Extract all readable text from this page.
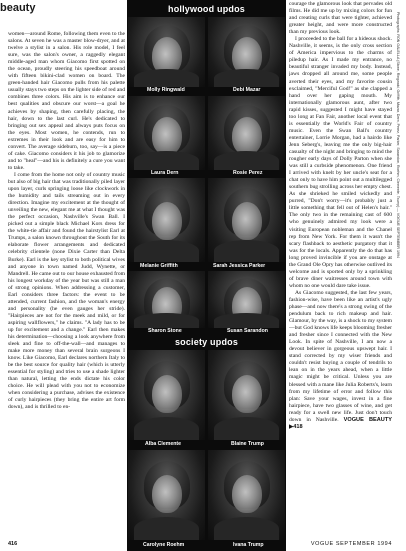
beauty

women—around Rome, following them even to the salons. At seven he was a master blow-dryer, and at twelve a stylist in a salon. His role model, I feel sure, was the salon's owner, a raggedly elegant middle-aged man whom Giacomo first spotted on the ocean, proudly steering his speedboat around with fifteen bikini-clad women on board. The green-handed hair Giacomo pulls from his palette usually stays two steps on the lighter side of red and combines three colors. His aim is to enhance our best qualities and obscure our worst—a goal he achieves by shaping, then carefully placing, the hair, down to the last curl. He's dedicated to bringing out sex appeal and always puts focus on the eyes. Most women, he contends, run to extremes in their look and are easy for him to convert. The average sideburn, too, say—is a piece of cake. Giacomo considers it his job to glamorize and to "heal"—and his is definitely a cure you want to take.

I come from the home not only of country music but also of big hair that was traditionally piled layer upon layer, curls springing loose like clockwork in the humidity and tails streaming out in every direction. Imagine my excitement at the thought of unveiling the new, elegant me at what I thought was the perfect occasion, Nashville's Swan Ball. I picked out a simple black Michael Kors dress for the white-tie affair and found the hairstylist Earl at Trumps, a salon known throughout the South for its elaborate flower arrangements and dedicated celebrity clientele (none Dixie Carter than Delta Burke). Earl is the key stylist to both political wives and anyone in town named Judd, Wynette, or Mandrell. He came out to our house exhausted from his longest workday of the year but was still a man of strong opinions. When addressing a customer, Earl considers three factors: the event to be attended, current fashion, and the woman's energy and personality (he even gauges her stride). "Hairpieces are not for the meek and mild, or for aspiring wallflowers," he claims. "A lady has to be up for excitement and a change." Earl then makes his determination—choosing a look anywhere from sleek and fine to off-the-wall—and manages to make more money than several brain surgeons I know. Like Giacomo, Earl declares northern Italy to be the best source for quality hair (which is utterly essential for styling) and tries to use a shade lighter than natural, letting the ends dictate his color choice. He will plead with you not to economize when considering a purchase, advises the existence of curly hairpieces (they bring the entire art form down), and is thrilled to en-

hollywood updos
Molly Ringwald	Debi Mazar
Laura Dern	Rosie Perez
Melanie Griffith	Sarah Jessica Parker
Sharon Stone	Susan Sarandon
society updos
Alba Clemente	Blaine Trump
Carolyne Roehm	Ivana Trump

courage the glamorous look that pervades old films. He did me up by mixing colors for fun and creating curls that were tighter, achieved greater height, and were more constructed than my previous look.

I proceeded to the ball for a hideous shock. Nashville, it seems, is the only cross section of America impervious to the charms of piledup hair. As I made my entrance, no beautiful stranger invaded my body. Instead, jaws dropped all around me, some people averted their eyes, and my favorite cousin exclaimed, "Merciful God!" as she clapped a hand over her gaping mouth. My internationally glamorous aunt, after two rapid kisses, suggested I might have stayed too long at Fan Fair, another local event that is essentially the World's Fair of country music. Even the Swan Ball's country entertainer, Lorrie Morgan, had a hairdo like Jenn Seberg's, leaving me the only big-hair casualty of the night and bringing to mind the rougher early days of Dolly Parton when she was still a curbside phenomenon. One friend I arrived with knelt by her uncle's seat for a chat only to have him point out a multilegged southern bug strolling across her empty chest. As she shrieked he smiled wickedly and purred, "Don't worry—it's probably just a little something that fell out of Helen's hair." The only two in the remaining cast of 600 who genuinely admired my look were a visiting European nobleman and the Chanel rep from New York. For them it wasn't the scary flashback to aesthetic purgatory that it was for the locals. Apparently the do that has long proved invincible if you are onstage at the Grand Ole Opry has otherwise outlived its welcome and is sported only by a sprinkling of brave diner waitresses around town with whom no one would dare take issue.

As Giacomo suggested, the last few years, fashion-wise, have been like an artist's ugly phase—and now there's a strong swing of the pendulum back to rich makeup and hair. Glamour, by the way, is a shock to my system—but God knows life keeps blooming fresher and fresher since I connected with the New Look. In spite of Nashville, I am now a devout believer in gorgeous upswept hair. I stand corrected by my wiser friends and couldn't resist buying a couple of tendrils to lean on in the years ahead, when a little magic might be critical. Unless you are blessed with a mane like Julia Roberts's, learn from my lifetime of error and follow this plan: Save your wages, invest in a fine hairpiece, have two glasses of wine, and get ready for a swell new life. Just don't touch down in Nashville. VOGUE BEAUTY ▶418

Photographs: RON GALELLA (Stone, Ringwald, Griffith, Mazar, Dern, Perez, Parker, Sarandon, Roehm, Clemente, Trump) — VOGUE SEPTEMBER 1994
416	VOGUE SEPTEMBER 1994
